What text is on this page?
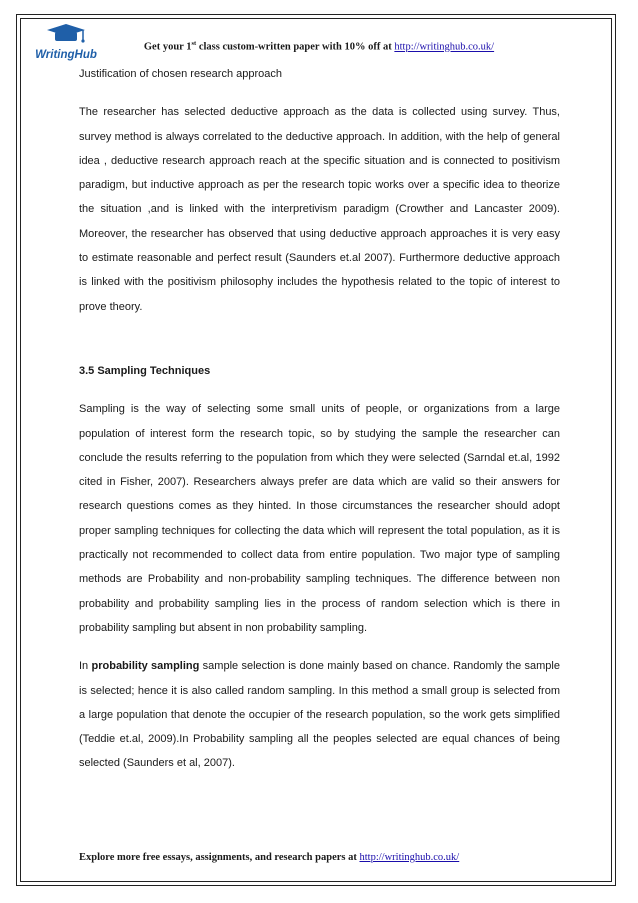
WritingHub
Get your 1st class custom-written paper with 10% off at http://writinghub.co.uk/
Justification of chosen research approach

The researcher has selected deductive approach as the data is collected using survey. Thus, survey method is always correlated to the deductive approach. In addition, with the help of general idea , deductive research approach reach at the specific situation and is connected to positivism paradigm, but inductive approach as per the research topic works over a specific idea to theorize the situation ,and is linked with the interpretivism paradigm (Crowther and Lancaster 2009). Moreover, the researcher has observed that using deductive approach approaches it is very easy to estimate reasonable and perfect result (Saunders et.al 2007). Furthermore deductive approach is linked with the positivism philosophy includes the hypothesis related to the topic of interest to prove theory.

3.5 Sampling Techniques

Sampling is the way of selecting some small units of people, or organizations from a large population of interest form the research topic, so by studying the sample the researcher can conclude the results referring to the population from which they were selected (Sarndal et.al, 1992 cited in Fisher, 2007). Researchers always prefer are data which are valid so their answers for research questions comes as they hinted. In those circumstances the researcher should adopt proper sampling techniques for collecting the data which will represent the total population, as it is practically not recommended to collect data from entire population. Two major type of sampling methods are Probability and non-probability sampling techniques. The difference between non probability and probability sampling lies in the process of random selection which is there in probability sampling but absent in non probability sampling.

In probability sampling sample selection is done mainly based on chance. Randomly the sample is selected; hence it is also called random sampling. In this method a small group is selected from a large population that denote the occupier of the research population, so the work gets simplified (Teddie et.al, 2009).In Probability sampling all the peoples selected are equal chances of being selected (Saunders et al, 2007).

Explore more free essays, assignments, and research papers at http://writinghub.co.uk/
